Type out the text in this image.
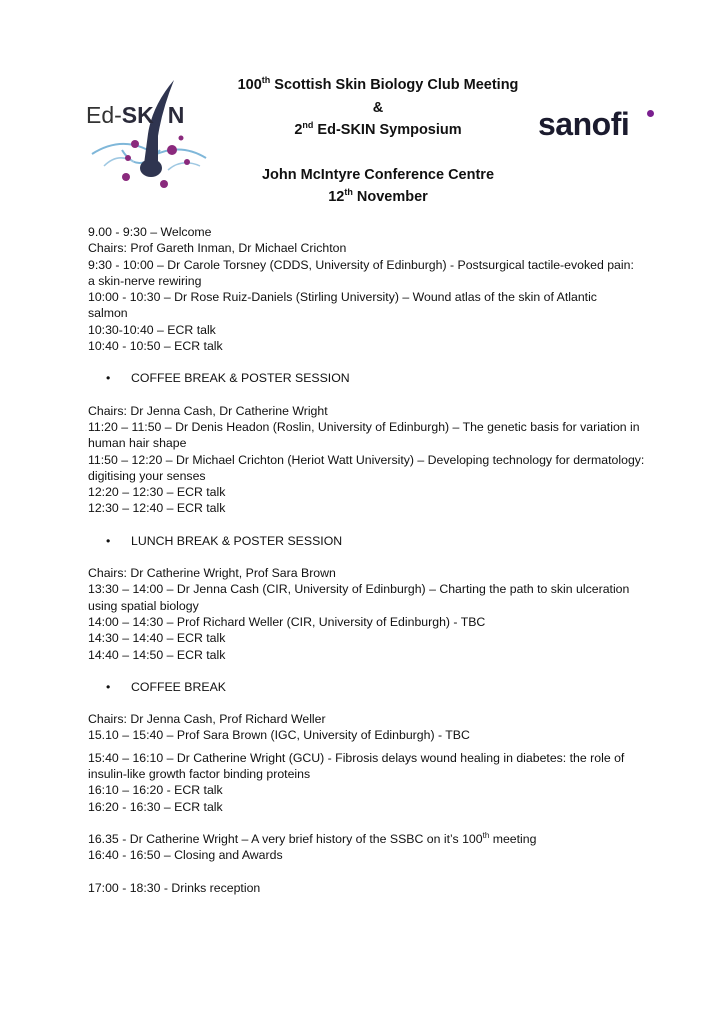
Ed-SK N
100th Scottish Skin Biology Club Meeting
&
2nd Ed-SKIN Symposium
John McIntyre Conference Centre
12th November
sanofi

9.00 - 9:30 – Welcome

Chairs: Prof Gareth Inman, Dr Michael Crichton

9:30 - 10:00 – Dr Carole Torsney (CDDS, University of Edinburgh) - Postsurgical tactile-evoked pain:

a skin-nerve rewiring

10:00 - 10:30 – Dr Rose Ruiz-Daniels (Stirling University) – Wound atlas of the skin of Atlantic

salmon

10:30-10:40 – ECR talk

10:40 - 10:50 – ECR talk

• COFFEE BREAK & POSTER SESSION

Chairs: Dr Jenna Cash, Dr Catherine Wright

11:20 – 11:50 – Dr Denis Headon (Roslin, University of Edinburgh) – The genetic basis for variation in

human hair shape

11:50 – 12:20 – Dr Michael Crichton (Heriot Watt University) – Developing technology for dermatology:

digitising your senses

12:20 – 12:30 – ECR talk

12:30 – 12:40 – ECR talk

• LUNCH BREAK & POSTER SESSION

Chairs: Dr Catherine Wright, Prof Sara Brown

13:30 – 14:00 – Dr Jenna Cash (CIR, University of Edinburgh) – Charting the path to skin ulceration

using spatial biology

14:00 – 14:30 – Prof Richard Weller (CIR, University of Edinburgh) - TBC

14:30 – 14:40 – ECR talk

14:40 – 14:50 – ECR talk

• COFFEE BREAK

Chairs: Dr Jenna Cash, Prof Richard Weller

15.10 – 15:40 – Prof Sara Brown (IGC, University of Edinburgh) - TBC

15:40 – 16:10 – Dr Catherine Wright (GCU) - Fibrosis delays wound healing in diabetes: the role of

insulin-like growth factor binding proteins

16:10 – 16:20 - ECR talk

16:20 - 16:30 – ECR talk

16.35 - Dr Catherine Wright – A very brief history of the SSBC on it’s 100th meeting

16:40 - 16:50 – Closing and Awards

17:00 - 18:30 - Drinks reception
